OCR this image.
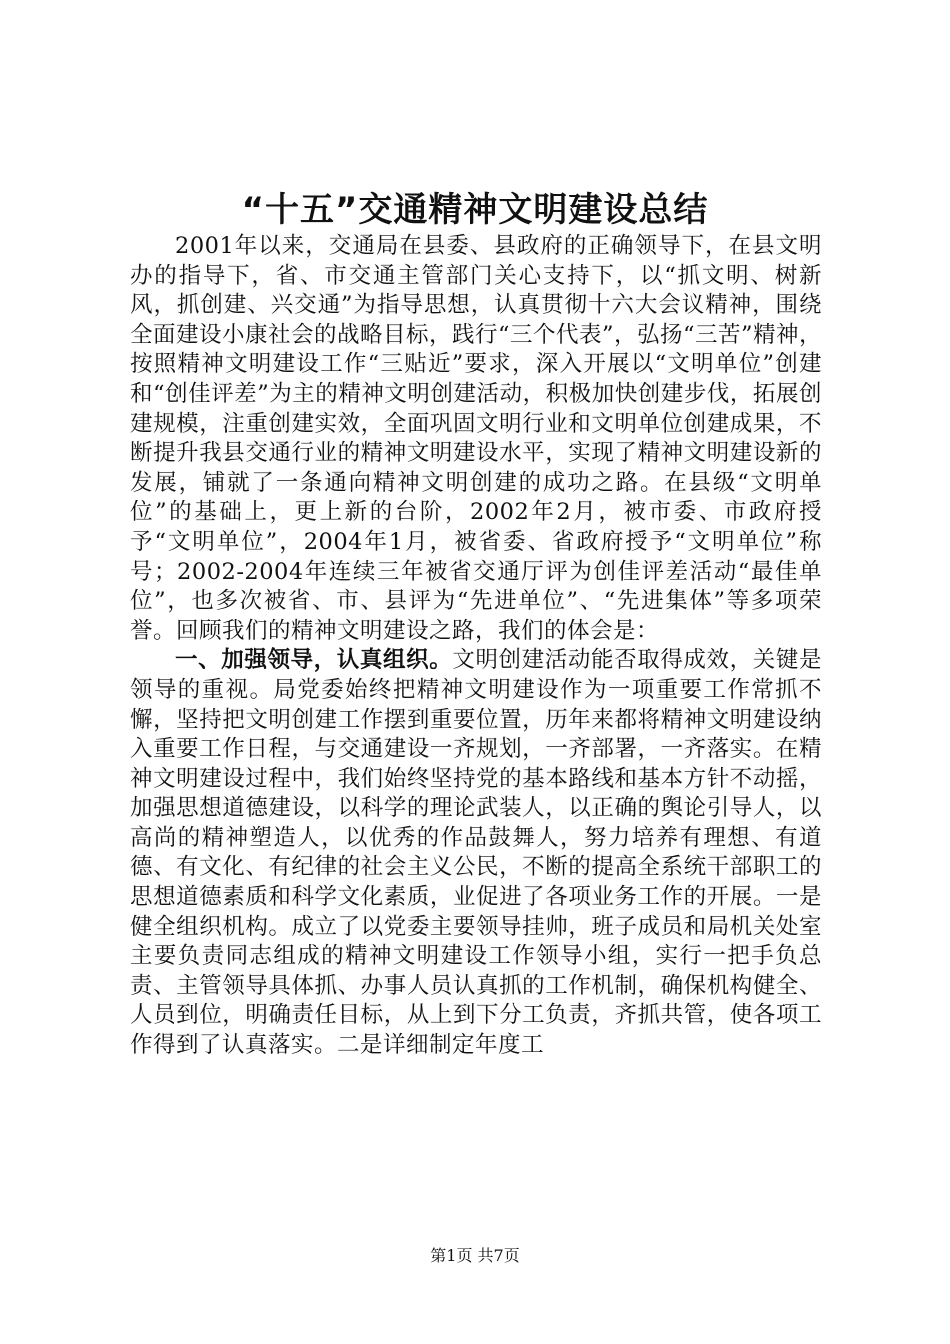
“十五”交通精神文明建设总结

2001年以来，交通局在县委、县政府的正确领导下，在县文明办的指导下，省、市交通主管部门关心支持下，以“抓文明、树新风，抓创建、兴交通”为指导思想，认真贯彻十六大会议精神，围绕全面建设小康社会的战略目标，践行“三个代表”，弘扬“三苦”精神，按照精神文明建设工作“三贴近”要求，深入开展以“文明单位”创建和“创佳评差”为主的精神文明创建活动，积极加快创建步伐，拓展创建规模，注重创建实效，全面巩固文明行业和文明单位创建成果，不断提升我县交通行业的精神文明建设水平，实现了精神文明建设新的发展，铺就了一条通向精神文明创建的成功之路。在县级“文明单位”的基础上，更上新的台阶，2002年2月，被市委、市政府授予“文明单位”，2004年1月，被省委、省政府授予“文明单位”称号；2002-2004年连续三年被省交通厅评为创佳评差活动“最佳单位”，也多次被省、市、县评为“先进单位”、“先进集体”等多项荣誉。回顾我们的精神文明建设之路，我们的体会是：

一、加强领导，认真组织。文明创建活动能否取得成效，关键是领导的重视。局党委始终把精神文明建设作为一项重要工作常抓不懈，坚持把文明创建工作摆到重要位置，历年来都将精神文明建设纳入重要工作日程，与交通建设一齐规划，一齐部署，一齐落实。在精神文明建设过程中，我们始终坚持党的基本路线和基本方针不动摇，加强思想道德建设，以科学的理论武装人，以正确的舆论引导人，以高尚的精神塑造人，以优秀的作品鼓舞人，努力培养有理想、有道德、有文化、有纪律的社会主义公民，不断的提高全系统干部职工的思想道德素质和科学文化素质，业促进了各项业务工作的开展。一是健全组织机构。成立了以党委主要领导挂帅，班子成员和局机关处室主要负责同志组成的精神文明建设工作领导小组，实行一把手负总责、主管领导具体抓、办事人员认真抓的工作机制，确保机构健全、人员到位，明确责任目标，从上到下分工负责，齐抓共管，使各项工作得到了认真落实。二是详细制定年度工

第1页 共7页
